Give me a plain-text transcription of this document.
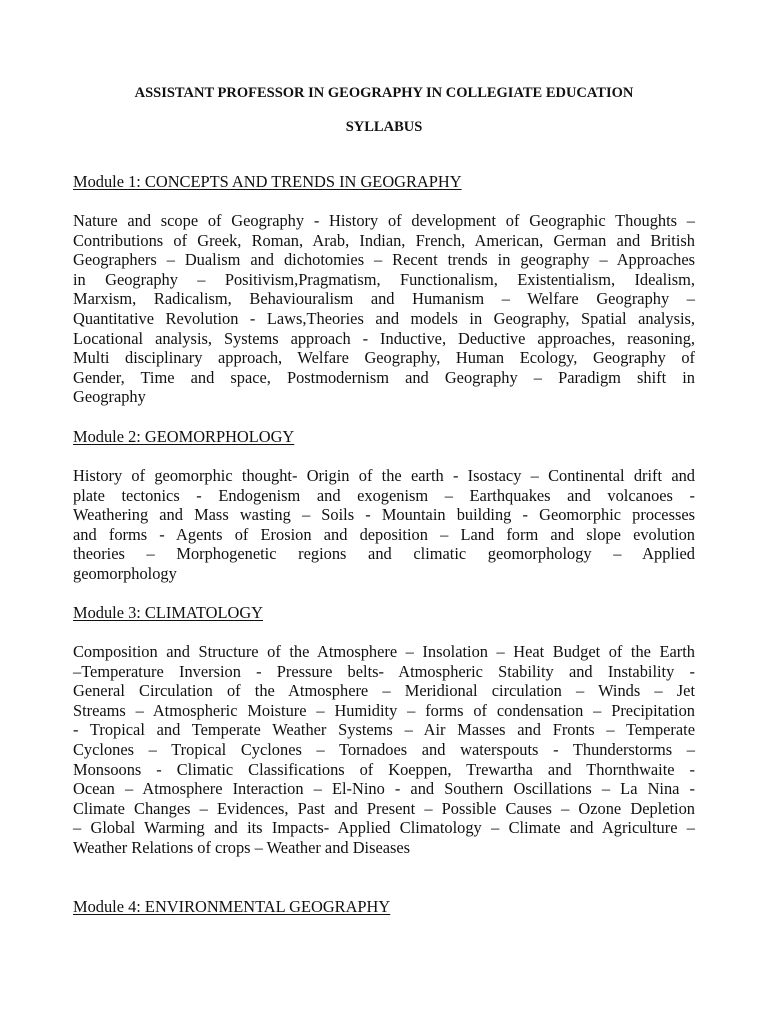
ASSISTANT PROFESSOR IN GEOGRAPHY IN COLLEGIATE EDUCATION
SYLLABUS
Module 1: CONCEPTS AND TRENDS IN GEOGRAPHY
Nature and scope of Geography - History of development of Geographic Thoughts –
Contributions of Greek, Roman, Arab, Indian, French, American, German and British
Geographers – Dualism and dichotomies – Recent trends in geography – Approaches
in Geography – Positivism,Pragmatism, Functionalism, Existentialism, Idealism,
Marxism, Radicalism, Behaviouralism and Humanism – Welfare Geography –
Quantitative Revolution - Laws,Theories and models in Geography, Spatial analysis,
Locational analysis, Systems approach - Inductive, Deductive approaches, reasoning,
Multi disciplinary approach, Welfare Geography, Human Ecology, Geography of
Gender, Time and space, Postmodernism and Geography – Paradigm shift in
Geography
Module 2: GEOMORPHOLOGY
History of geomorphic thought- Origin of the earth - Isostacy – Continental drift and
plate tectonics - Endogenism and exogenism – Earthquakes and volcanoes -
Weathering and Mass wasting – Soils - Mountain building - Geomorphic processes
and forms - Agents of Erosion and deposition – Land form and slope evolution
theories – Morphogenetic regions and climatic geomorphology – Applied
geomorphology
Module 3: CLIMATOLOGY
Composition and Structure of the Atmosphere – Insolation – Heat Budget of the Earth
–Temperature Inversion - Pressure belts- Atmospheric Stability and Instability -
General Circulation of the Atmosphere – Meridional circulation – Winds – Jet
Streams – Atmospheric Moisture – Humidity – forms of condensation – Precipitation
- Tropical and Temperate Weather Systems – Air Masses and Fronts – Temperate
Cyclones – Tropical Cyclones – Tornadoes and waterspouts - Thunderstorms –
Monsoons - Climatic Classifications of Koeppen, Trewartha and Thornthwaite -
Ocean – Atmosphere Interaction – El-Nino - and Southern Oscillations – La Nina -
Climate Changes – Evidences, Past and Present – Possible Causes – Ozone Depletion
– Global Warming and its Impacts- Applied Climatology – Climate and Agriculture –
Weather Relations of crops – Weather and Diseases
Module 4: ENVIRONMENTAL GEOGRAPHY
